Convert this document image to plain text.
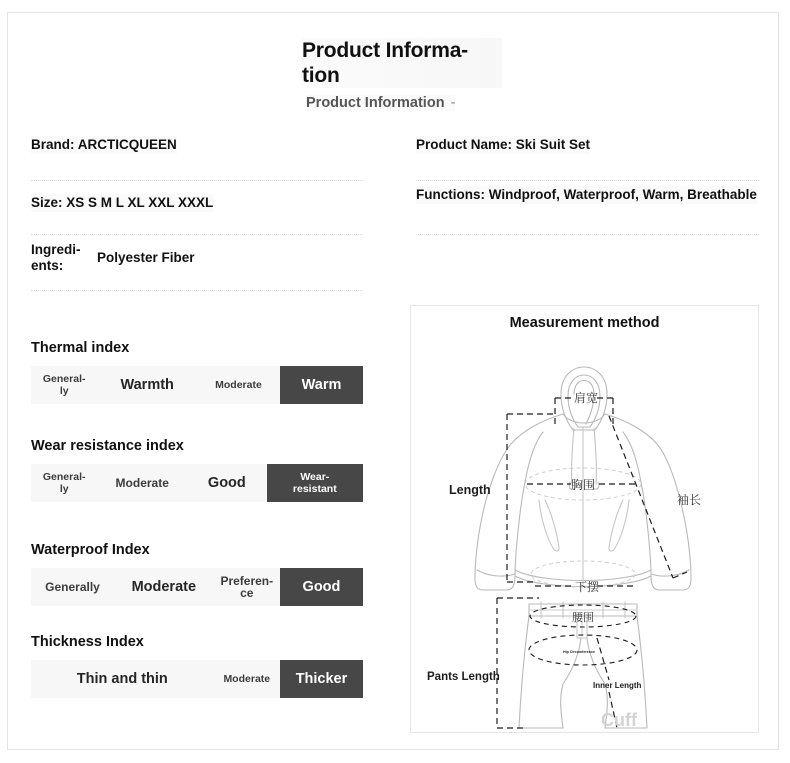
Product Informa-
tion
Product Information -
Brand: ARCTICQUEEN
Size: XS S M L XL XXL XXXL
Ingredi-
ents:
Polyester Fiber
Product Name: Ski Suit Set
Functions: Windproof, Waterproof, Warm, Breathable
Thermal index
General-
ly	Warmth	Moderate	Warm
Wear resistance index
General-
ly	Moderate	Good	Wear-
resistant
Waterproof Index
Generally	Moderate	Preferen-
ce	Good
Thickness Index
Thin and thin	Moderate	Thicker
Measurement method
Length
肩宽
胸围
袖长
下摆
Pants Length
Inner Length
腰围
Hip Circumference
Cuff
